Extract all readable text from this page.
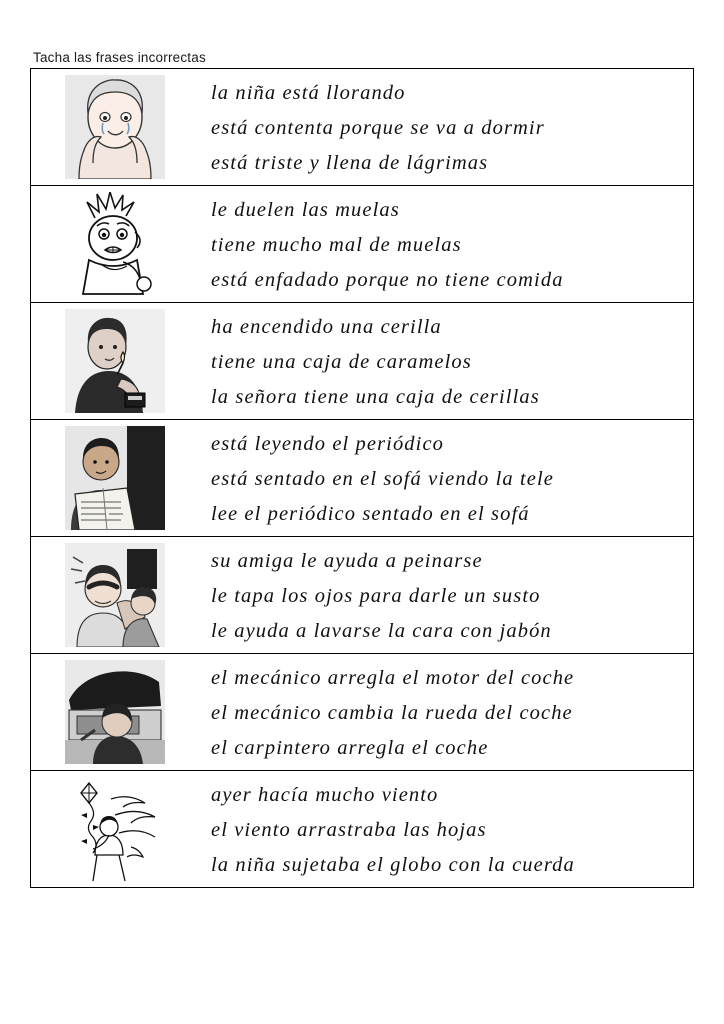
Tacha las frases incorrectas
la niña está llorando
está contenta porque se va a dormir
está triste y llena de lágrimas
le duelen las muelas
tiene mucho mal de muelas
está enfadado porque no tiene comida
ha encendido una cerilla
tiene una caja de caramelos
la señora tiene una caja de cerillas
está leyendo el periódico
está sentado en el sofá viendo la tele
lee el periódico sentado en el sofá
su amiga le ayuda a peinarse
le tapa los ojos para darle un susto
le ayuda a lavarse la cara con jabón
el mecánico arregla el motor del coche
el mecánico cambia la rueda del coche
el carpintero arregla el coche
ayer hacía mucho viento
el viento arrastraba las hojas
la niña sujetaba el globo con la cuerda
